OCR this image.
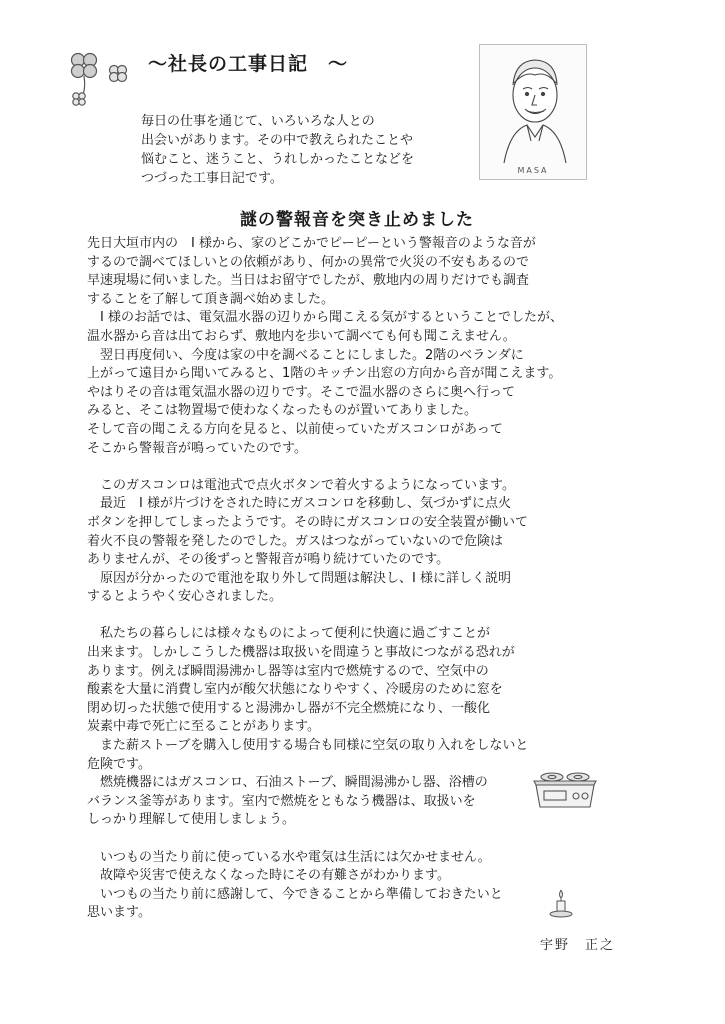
～社長の工事日記　～
MASA
毎日の仕事を通じて、いろいろな人との
出会いがあります。その中で教えられたことや
悩むこと、迷うこと、うれしかったことなどを
つづった工事日記です。
謎の警報音を突き止めました
先日大垣市内の　I 様から、家のどこかでピーピーという警報音のような音が
するので調べてほしいとの依頼があり、何かの異常で火災の不安もあるので
早速現場に伺いました。当日はお留守でしたが、敷地内の周りだけでも調査
することを了解して頂き調べ始めました。
　I 様のお話では、電気温水器の辺りから聞こえる気がするということでしたが、
温水器から音は出ておらず、敷地内を歩いて調べても何も聞こえません。
　翌日再度伺い、今度は家の中を調べることにしました。2階のベランダに
上がって遠目から聞いてみると、1階のキッチン出窓の方向から音が聞こえます。
やはりその音は電気温水器の辺りです。そこで温水器のさらに奥へ行って
みると、そこは物置場で使わなくなったものが置いてありました。
そして音の聞こえる方向を見ると、以前使っていたガスコンロがあって
そこから警報音が鳴っていたのです。
　このガスコンロは電池式で点火ボタンで着火するようになっています。
　最近　I 様が片づけをされた時にガスコンロを移動し、気づかずに点火
ボタンを押してしまったようです。その時にガスコンロの安全装置が働いて
着火不良の警報を発したのでした。ガスはつながっていないので危険は
ありませんが、その後ずっと警報音が鳴り続けていたのです。
　原因が分かったので電池を取り外して問題は解決し、I 様に詳しく説明
するとようやく安心されました。
　私たちの暮らしには様々なものによって便利に快適に過ごすことが
出来ます。しかしこうした機器は取扱いを間違うと事故につながる恐れが
あります。例えば瞬間湯沸かし器等は室内で燃焼するので、空気中の
酸素を大量に消費し室内が酸欠状態になりやすく、冷暖房のために窓を
閉め切った状態で使用すると湯沸かし器が不完全燃焼になり、一酸化
炭素中毒で死亡に至ることがあります。
　また薪ストーブを購入し使用する場合も同様に空気の取り入れをしないと
危険です。
　燃焼機器にはガスコンロ、石油ストーブ、瞬間湯沸かし器、浴槽の
バランス釜等があります。室内で燃焼をともなう機器は、取扱いを
しっかり理解して使用しましょう。
　いつもの当たり前に使っている水や電気は生活には欠かせません。
　故障や災害で使えなくなった時にその有難さがわかります。
　いつもの当たり前に感謝して、今できることから準備しておきたいと
思います。
宇野　正之
